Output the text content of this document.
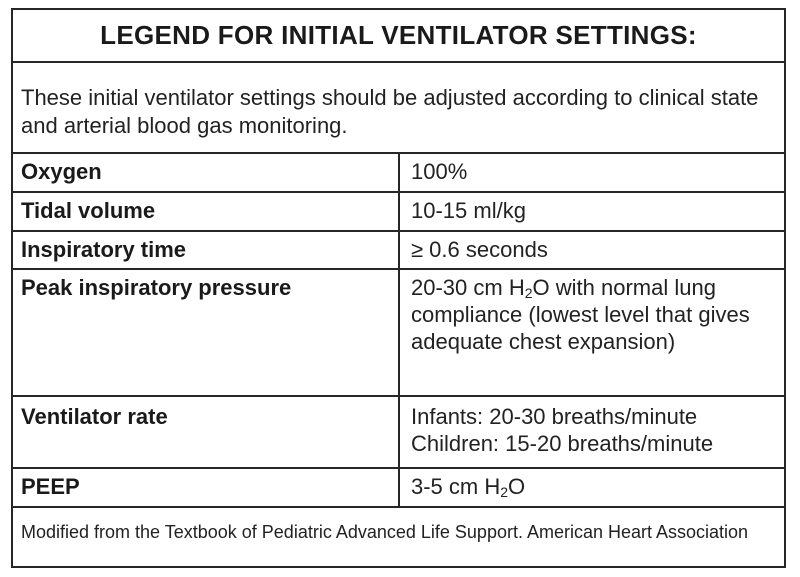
LEGEND FOR INITIAL VENTILATOR SETTINGS:
These initial ventilator settings should be adjusted according to clinical state and arterial blood gas monitoring.
Oxygen	100%
Tidal volume	10-15 ml/kg
Inspiratory time	≥ 0.6 seconds
Peak inspiratory pressure	20-30 cm $H_2O$ with normal lung compliance (lowest level that gives adequate chest expansion)
Ventilator rate	Infants: 20-30 breaths/minute
Children: 15-20 breaths/minute

PEEP	3-5 cm $H_2O$
Modified from the Textbook of Pediatric Advanced Life Support. American Heart Association
